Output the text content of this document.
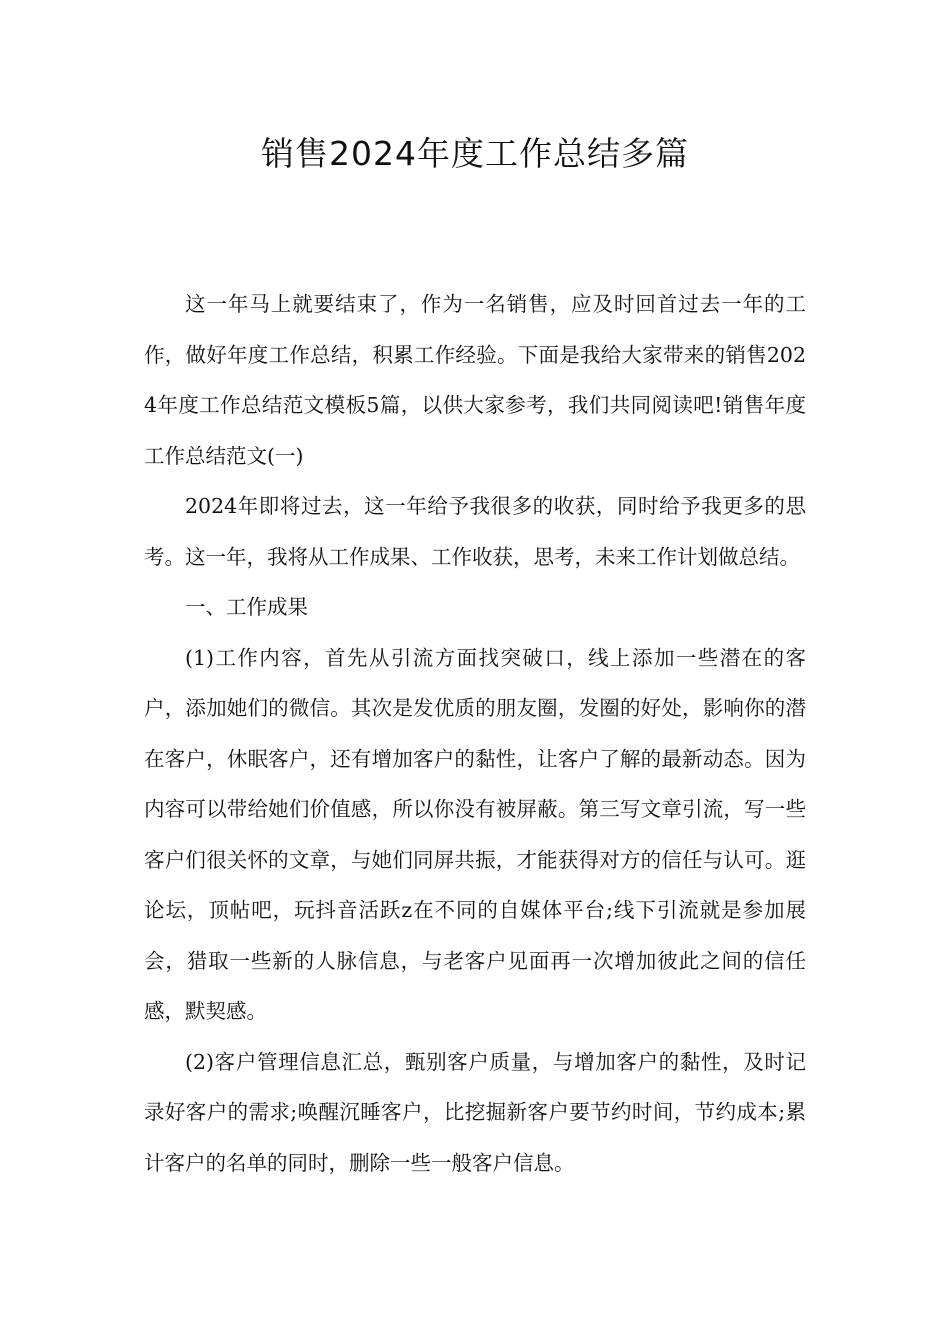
销售2024年度工作总结多篇

这一年马上就要结束了，作为一名销售，应及时回首过去一年的工作，做好年度工作总结，积累工作经验。下面是我给大家带来的销售2024年度工作总结范文模板5篇，以供大家参考，我们共同阅读吧!销售年度工作总结范文(一)

2024年即将过去，这一年给予我很多的收获，同时给予我更多的思考。这一年，我将从工作成果、工作收获，思考，未来工作计划做总结。

一、工作成果

(1)工作内容，首先从引流方面找突破口，线上添加一些潜在的客户，添加她们的微信。其次是发优质的朋友圈，发圈的好处，影响你的潜在客户，休眠客户，还有增加客户的黏性，让客户了解的最新动态。因为内容可以带给她们价值感，所以你没有被屏蔽。第三写文章引流，写一些客户们很关怀的文章，与她们同屏共振，才能获得对方的信任与认可。逛论坛，顶帖吧，玩抖音活跃z在不同的自媒体平台;线下引流就是参加展会，猎取一些新的人脉信息，与老客户见面再一次增加彼此之间的信任感，默契感。

(2)客户管理信息汇总，甄别客户质量，与增加客户的黏性，及时记录好客户的需求;唤醒沉睡客户，比挖掘新客户要节约时间，节约成本;累计客户的名单的同时，删除一些一般客户信息。
